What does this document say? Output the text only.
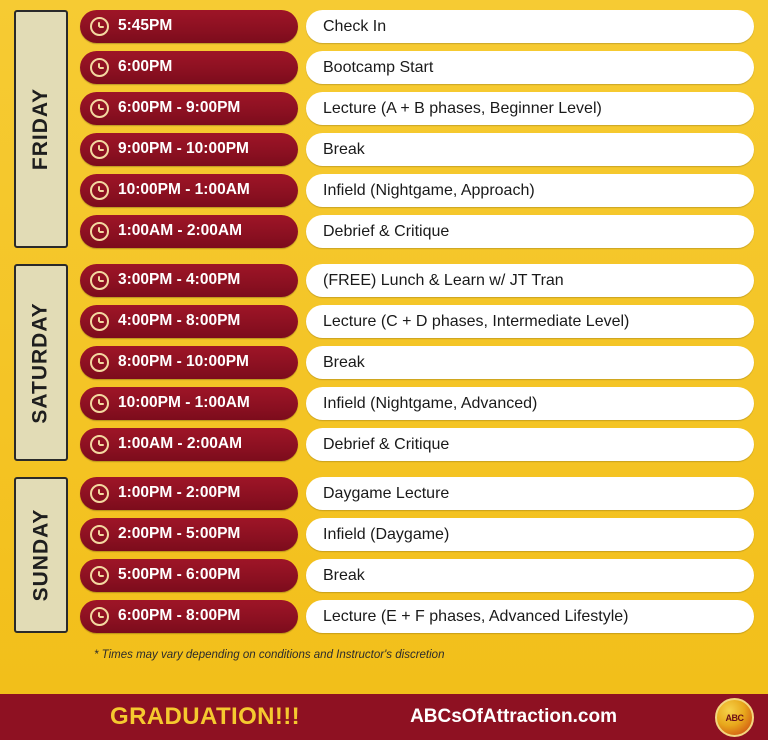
FRIDAY
5:45PM	Check In
6:00PM	Bootcamp Start
6:00PM - 9:00PM	Lecture (A + B phases, Beginner Level)
9:00PM - 10:00PM	Break
10:00PM - 1:00AM	Infield (Nightgame, Approach)
1:00AM - 2:00AM	Debrief & Critique
SATURDAY
3:00PM - 4:00PM	(FREE) Lunch & Learn w/ JT Tran
4:00PM - 8:00PM	Lecture (C + D phases, Intermediate Level)
8:00PM - 10:00PM	Break
10:00PM - 1:00AM	Infield (Nightgame, Advanced)
1:00AM - 2:00AM	Debrief & Critique
SUNDAY
1:00PM - 2:00PM	Daygame Lecture
2:00PM - 5:00PM	Infield (Daygame)
5:00PM - 6:00PM	Break
6:00PM - 8:00PM	Lecture (E + F phases, Advanced Lifestyle)
* Times may vary depending on conditions and Instructor's discretion
GRADUATION!!!	ABCsOfAttraction.com	ABC
